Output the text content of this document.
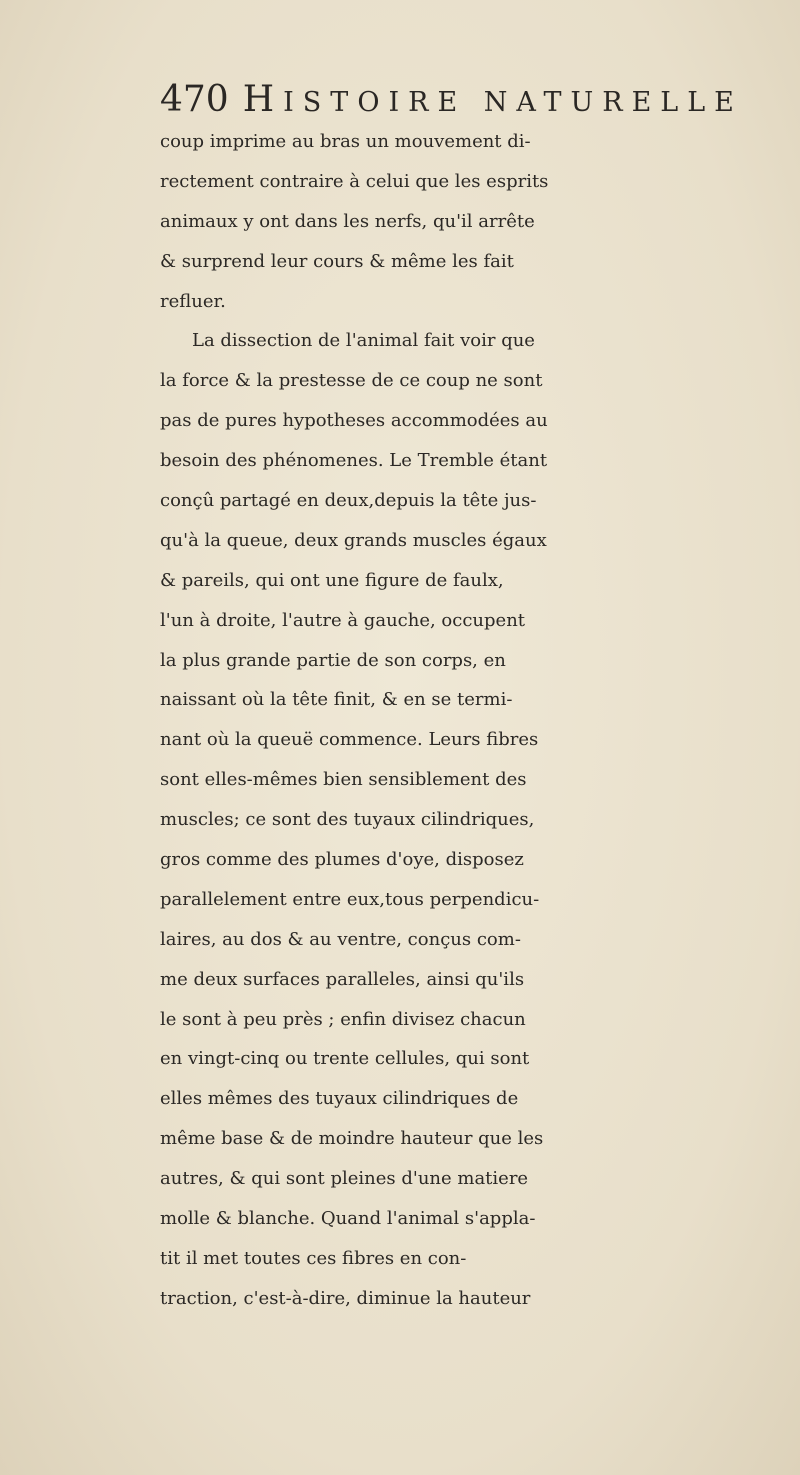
470 HISTOIRE NATURELLE
coup imprime au bras un mouvement di-
rectement contraire à celui que les esprits
animaux y ont dans les nerfs, qu'il arrête
& surprend leur cours & même les fait
refluer.
La dissection de l'animal fait voir que
la force & la prestesse de ce coup ne sont
pas de pures hypotheses accommodées au
besoin des phénomenes. Le Tremble étant
conçû partagé en deux,depuis la tête jus-
qu'à la queue, deux grands muscles égaux
& pareils, qui ont une figure de faulx,
l'un à droite, l'autre à gauche, occupent
la plus grande partie de son corps, en
naissant où la tête finit, & en se termi-
nant où la queuë commence. Leurs fibres
sont elles-mêmes bien sensiblement des
muscles; ce sont des tuyaux cilindriques,
gros comme des plumes d'oye, disposez
parallelement entre eux,tous perpendicu-
laires, au dos & au ventre, conçus com-
me deux surfaces paralleles, ainsi qu'ils
le sont à peu près ; enfin divisez chacun
en vingt-cinq ou trente cellules, qui sont
elles mêmes des tuyaux cilindriques de
même base & de moindre hauteur que les
autres, & qui sont pleines d'une matiere
molle & blanche. Quand l'animal s'appla-
tit il met toutes ces fibres en con-
traction, c'est-à-dire, diminue la hauteur
